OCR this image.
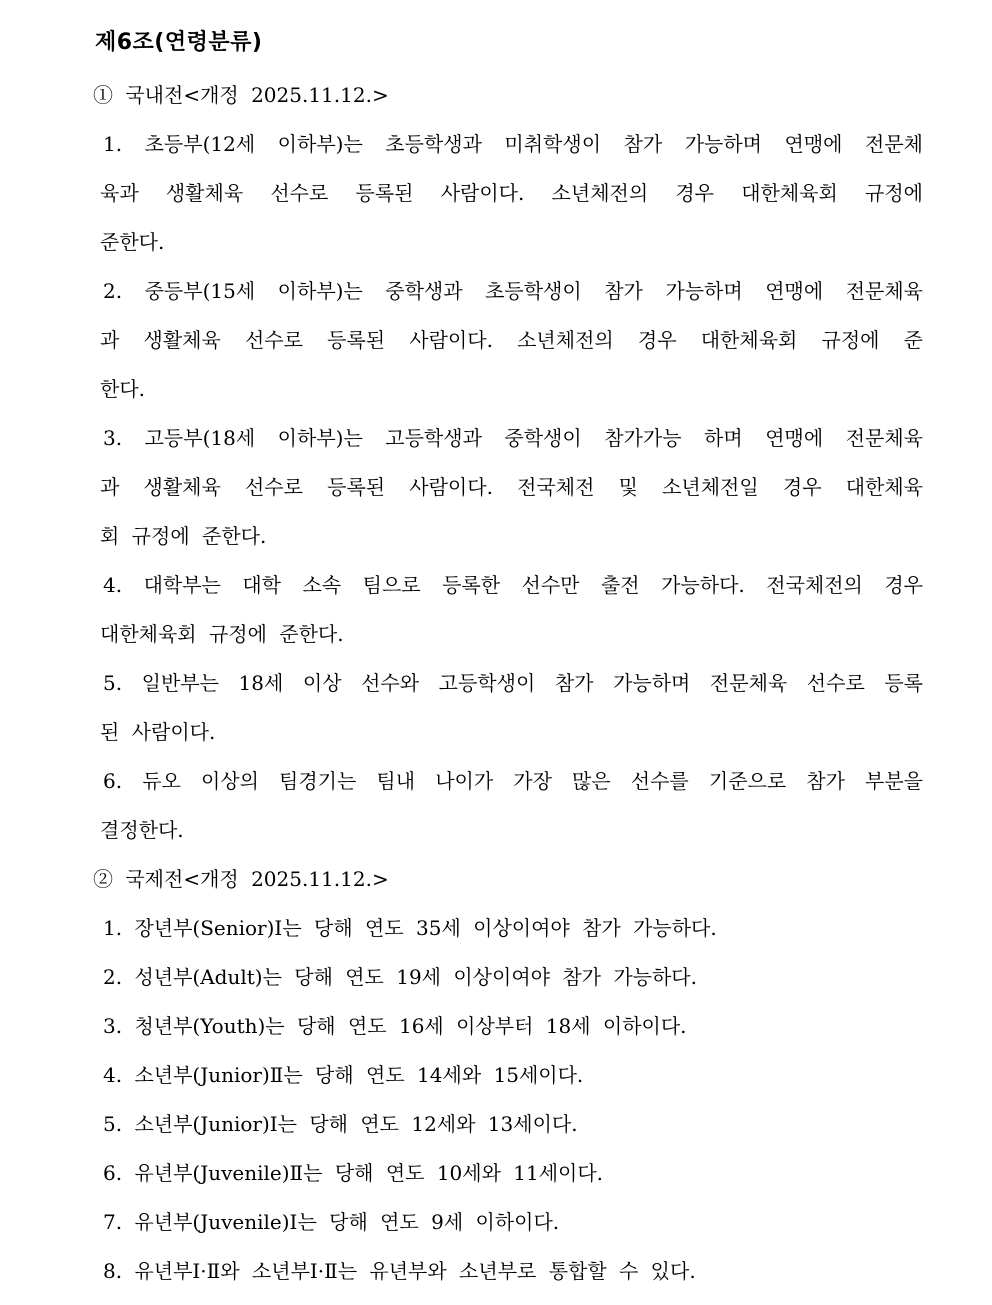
제6조(연령분류)
① 국내전<개정 2025.11.12.>
1. 초등부(12세 이하부)는 초등학생과 미취학생이 참가 가능하며 연맹에 전문체
육과 생활체육 선수로 등록된 사람이다. 소년체전의 경우 대한체육회 규정에
준한다.
2. 중등부(15세 이하부)는 중학생과 초등학생이 참가 가능하며 연맹에 전문체육
과 생활체육 선수로 등록된 사람이다. 소년체전의 경우 대한체육회 규정에 준
한다.
3. 고등부(18세 이하부)는 고등학생과 중학생이 참가가능 하며 연맹에 전문체육
과 생활체육 선수로 등록된 사람이다. 전국체전 및 소년체전일 경우 대한체육
회 규정에 준한다.
4. 대학부는 대학 소속 팀으로 등록한 선수만 출전 가능하다. 전국체전의 경우
대한체육회 규정에 준한다.
5. 일반부는 18세 이상 선수와 고등학생이 참가 가능하며 전문체육 선수로 등록
된 사람이다.
6. 듀오 이상의 팀경기는 팀내 나이가 가장 많은 선수를 기준으로 참가 부분을
결정한다.
② 국제전<개정 2025.11.12.>
1. 장년부(Senior)Ⅰ는 당해 연도 35세 이상이여야 참가 가능하다.
2. 성년부(Adult)는 당해 연도 19세 이상이여야 참가 가능하다.
3. 청년부(Youth)는 당해 연도 16세 이상부터 18세 이하이다.
4. 소년부(Junior)Ⅱ는 당해 연도 14세와 15세이다.
5. 소년부(Junior)Ⅰ는 당해 연도 12세와 13세이다.
6. 유년부(Juvenile)Ⅱ는 당해 연도 10세와 11세이다.
7. 유년부(Juvenile)Ⅰ는 당해 연도 9세 이하이다.
8. 유년부Ⅰ·Ⅱ와 소년부Ⅰ·Ⅱ는 유년부와 소년부로 통합할 수 있다.
